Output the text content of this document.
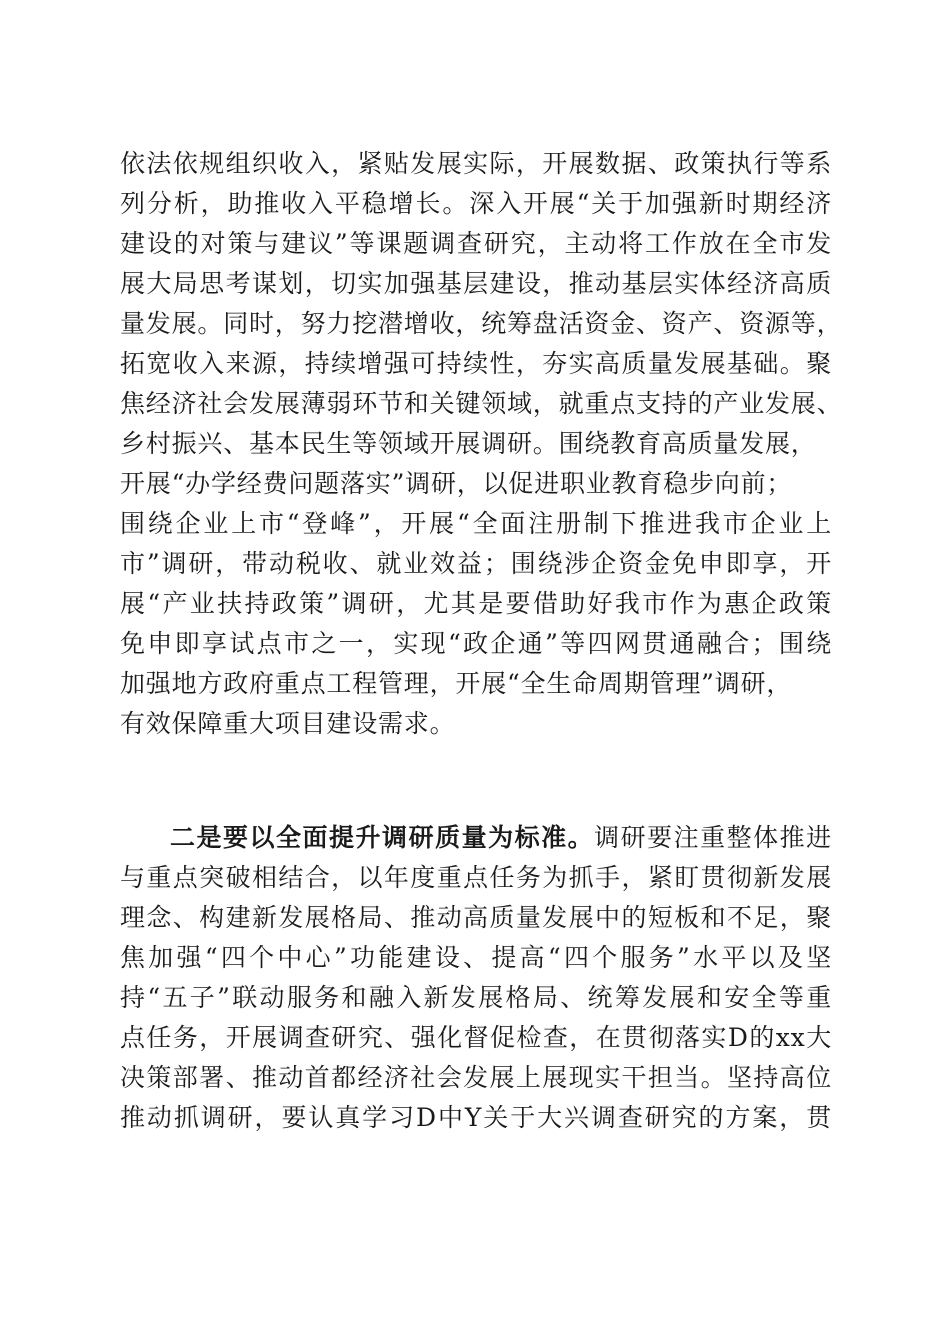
依法依规组织收入，紧贴发展实际，开展数据、政策执行等系
列分析，助推收入平稳增长。深入开展“关于加强新时期经济
建设的对策与建议”等课题调查研究，主动将工作放在全市发
展大局思考谋划，切实加强基层建设，推动基层实体经济高质
量发展。同时，努力挖潜增收，统筹盘活资金、资产、资源等，
拓宽收入来源，持续增强可持续性，夯实高质量发展基础。聚
焦经济社会发展薄弱环节和关键领域，就重点支持的产业发展、
乡村振兴、基本民生等领域开展调研。围绕教育高质量发展，
开展“办学经费问题落实”调研，以促进职业教育稳步向前；
围绕企业上市“登峰”，开展“全面注册制下推进我市企业上
市”调研，带动税收、就业效益；围绕涉企资金免申即享，开
展“产业扶持政策”调研，尤其是要借助好我市作为惠企政策
免申即享试点市之一，实现“政企通”等四网贯通融合；围绕
加强地方政府重点工程管理，开展“全生命周期管理”调研，
有效保障重大项目建设需求。
二是要以全面提升调研质量为标准。调研要注重整体推进
与重点突破相结合，以年度重点任务为抓手，紧盯贯彻新发展
理念、构建新发展格局、推动高质量发展中的短板和不足，聚
焦加强“四个中心”功能建设、提高“四个服务”水平以及坚
持“五子”联动服务和融入新发展格局、统筹发展和安全等重
点任务，开展调查研究、强化督促检查，在贯彻落实D的xx大
决策部署、推动首都经济社会发展上展现实干担当。坚持高位
推动抓调研，要认真学习D中Y关于大兴调查研究的方案，贯
